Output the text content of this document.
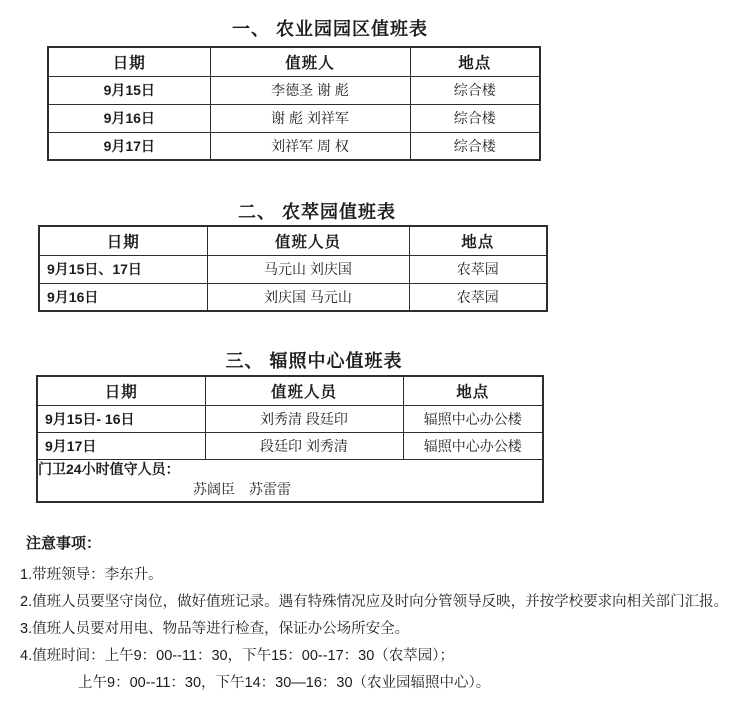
一、 农业园园区值班表
日期	值班人	地点
9月15日	李德圣 谢 彪	综合楼
9月16日	谢 彪 刘祥军	综合楼
9月17日	刘祥军 周 权	综合楼
二、 农萃园值班表
日期	值班人员	地点
9月15日、17日	马元山 刘庆国	农萃园
9月16日	刘庆国 马元山	农萃园
三、 辐照中心值班表
日期	值班人员	地点
9月15日- 16日	刘秀清 段廷印	辐照中心办公楼
9月17日	段廷印 刘秀清	辐照中心办公楼

门卫24小时值守人员：
苏阔臣　苏雷雷		
注意事项：
1.带班领导：李东升。
2.值班人员要坚守岗位，做好值班记录。遇有特殊情况应及时向分管领导反映，并按学校要求向相关部门汇报。
3.值班人员要对用电、物品等进行检查，保证办公场所安全。
4.值班时间：上午9：00--11：30，下午15：00--17：30（农萃园）；
上午9：00--11：30，下午14：30—16：30（农业园辐照中心）。
